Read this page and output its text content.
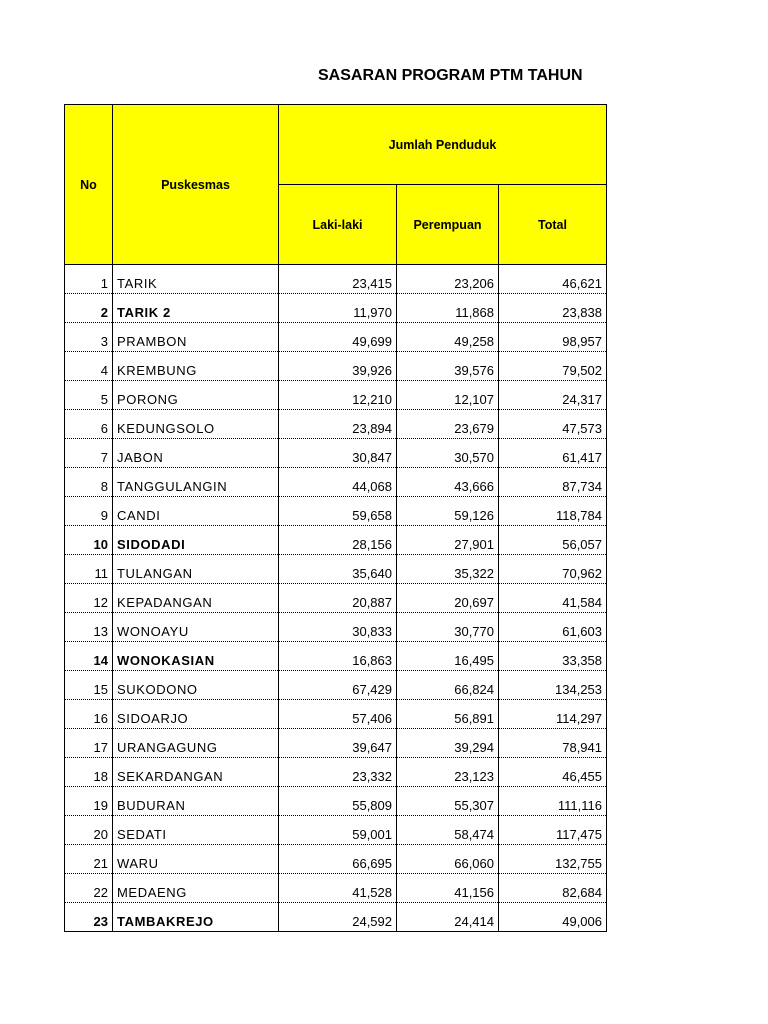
SASARAN PROGRAM PTM TAHUN
No	Puskesmas	Jumlah Penduduk		
		Laki-laki	Perempuan	Total
1	TARIK	23,415	23,206	46,621
2	TARIK 2	11,970	11,868	23,838
3	PRAMBON	49,699	49,258	98,957
4	KREMBUNG	39,926	39,576	79,502
5	PORONG	12,210	12,107	24,317
6	KEDUNGSOLO	23,894	23,679	47,573
7	JABON	30,847	30,570	61,417
8	TANGGULANGIN	44,068	43,666	87,734
9	CANDI	59,658	59,126	118,784
10	SIDODADI	28,156	27,901	56,057
11	TULANGAN	35,640	35,322	70,962
12	KEPADANGAN	20,887	20,697	41,584
13	WONOAYU	30,833	30,770	61,603
14	WONOKASIAN	16,863	16,495	33,358
15	SUKODONO	67,429	66,824	134,253
16	SIDOARJO	57,406	56,891	114,297
17	URANGAGUNG	39,647	39,294	78,941
18	SEKARDANGAN	23,332	23,123	46,455
19	BUDURAN	55,809	55,307	111,116
20	SEDATI	59,001	58,474	117,475
21	WARU	66,695	66,060	132,755
22	MEDAENG	41,528	41,156	82,684
23	TAMBAKREJO	24,592	24,414	49,006
